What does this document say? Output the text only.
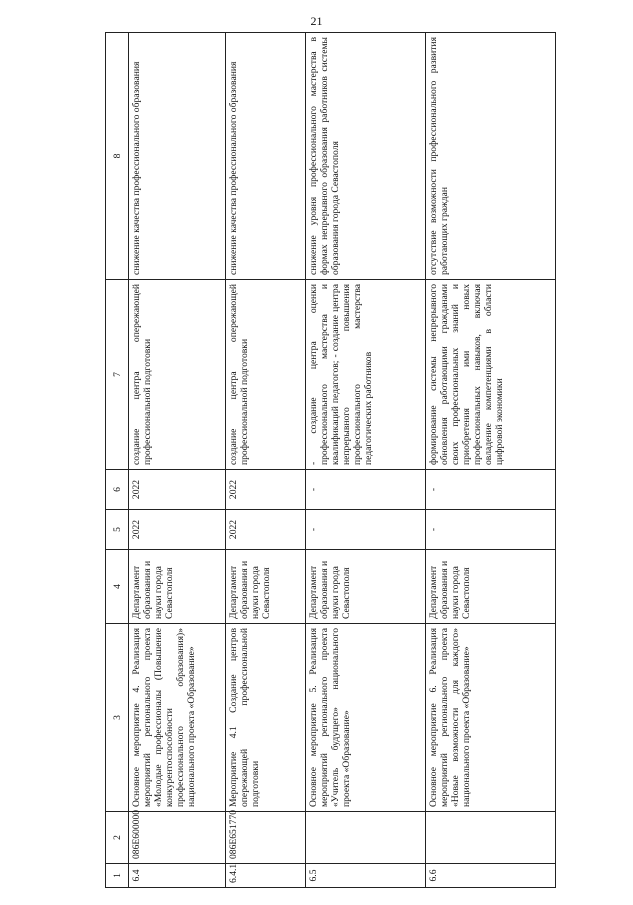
21
1	2	3	4	5	6	7	8
6.4	086Е600000	Основное мероприятие 4. Реализация мероприятий регионального проекта «Молодые профессионалы (Повышение конкурентоспособности профессионального образования)» национального проекта «Образование»	Департамент образования и науки города Севастополя	2022	2022	создание центра опережающей профессиональной подготовки	снижение качества профессионального образования
6.4.1	086Е651770	Мероприятие 4.1 Создание центров опережающей профессиональной подготовки	Департамент образования и науки города Севастополя	2022	2022	создание центра опережающей профессиональной подготовки	снижение качества профессионального образования
6.5		Основное мероприятие 5. Реализация мероприятий регионального проекта «Учитель будущего» национального проекта «Образование»	Департамент образования и науки города Севастополя	-	-	- создание центра оценки профессионального мастерства и квалификаций педагогов; - создание центра непрерывного повышения профессионального мастерства педагогических работников	снижение уровня профессионального мастерства в формах непрерывного образования работников системы образования города Севастополя
6.6		Основное мероприятие 6. Реализация мероприятий регионального проекта «Новые возможности для каждого» национального проекта «Образование»	Департамент образования и науки города Севастополя	-	-	формирование системы непрерывного обновления работающими гражданами своих профессиональных знаний и приобретения ими новых профессиональных навыков, включая овладение компетенциями в области цифровой экономики	отсутствие возможности профессионального развития работающих граждан
